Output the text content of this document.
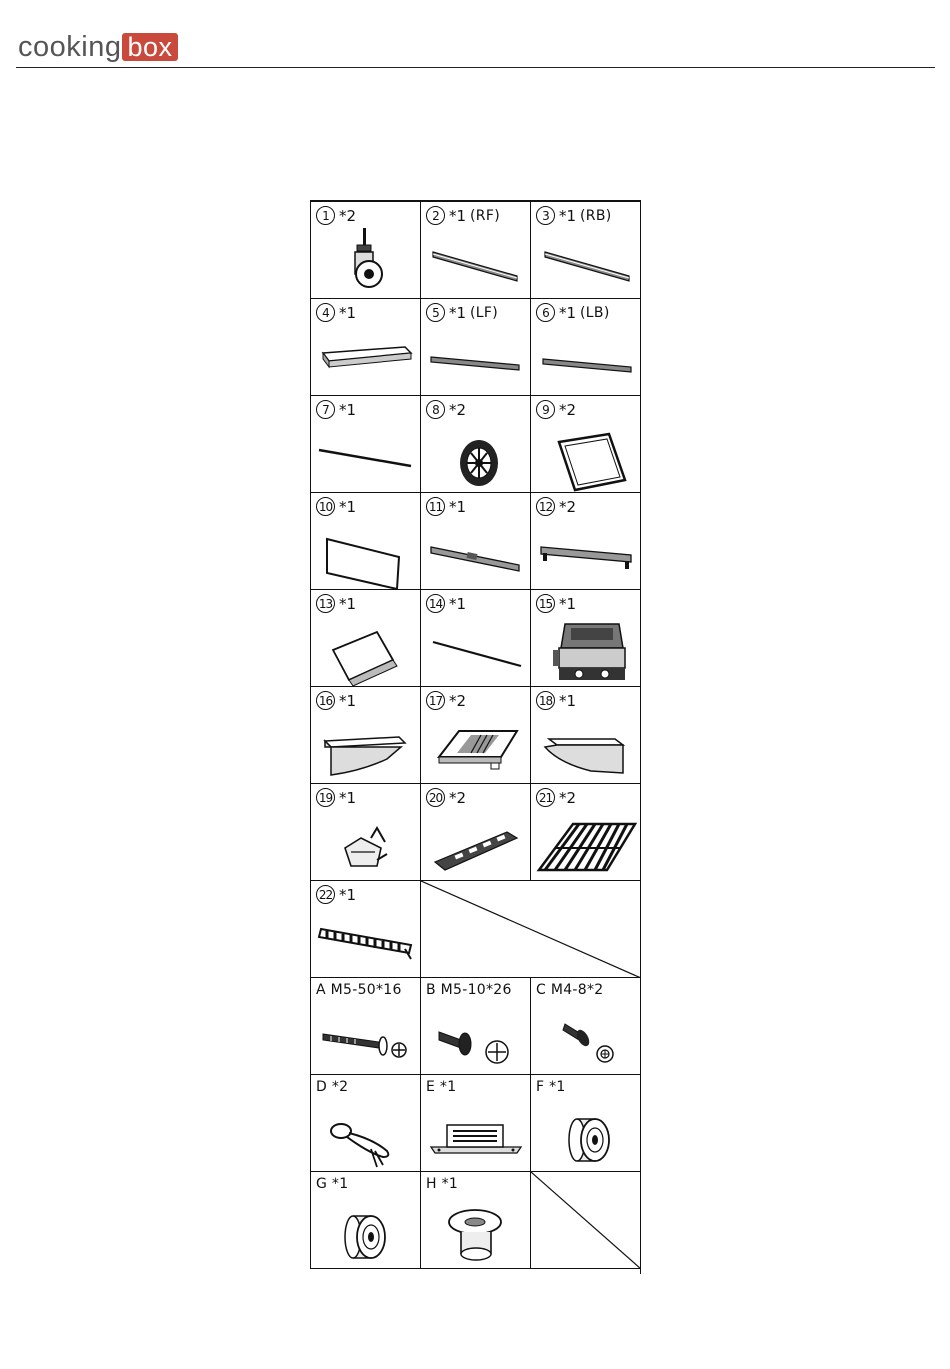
cooking box
1 *2	2 *1 (RF)	3 *1 (RB)
4 *1	5 *1 (LF)	6 *1 (LB)
7 *1	8 *2	9 *2
10 *1	11 *1	12 *2
13 *1	14 *1	15 *1
16 *1	17 *2	18 *1
19 *1	20 *2	21 *2
22 *1
A M5-50*16 B M5-10*26 C M4-8*2
D *2	E *1	F *1
G *1	H *1
